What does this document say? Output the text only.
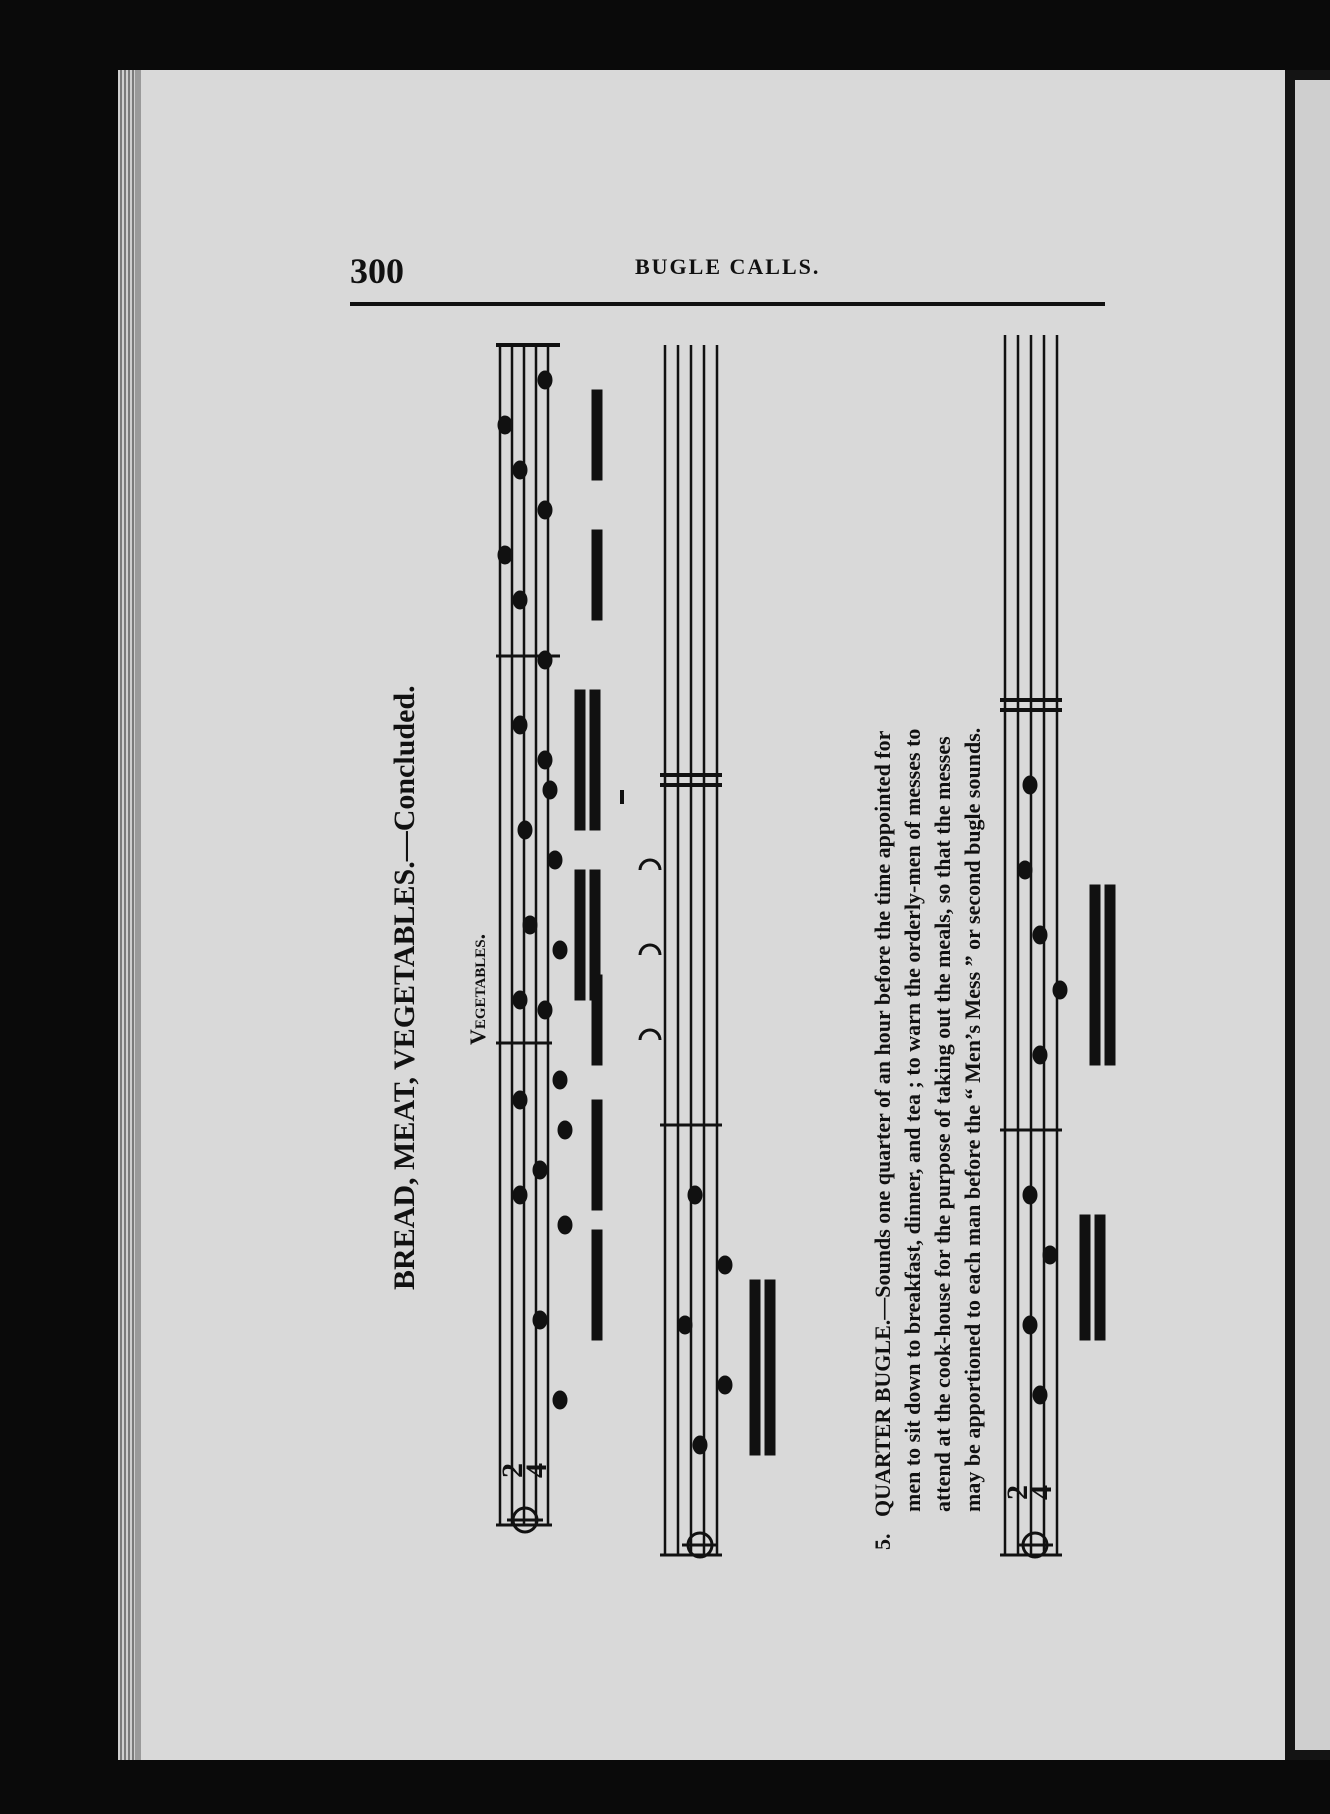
300	BUGLE CALLS.
BREAD, MEAT, VEGETABLES.—Concluded. Vegetables.
5.   QUARTER BUGLE.—Sounds one quarter of an hour before the time appointed for men to sit down to breakfast, dinner, and tea ; to warn the orderly-men of messes to attend at the cook-house for the purpose of taking out the meals, so that the messes may be apportioned to each man before the “ Men’s Mess ” or second bugle sounds.
2
4
2
4
